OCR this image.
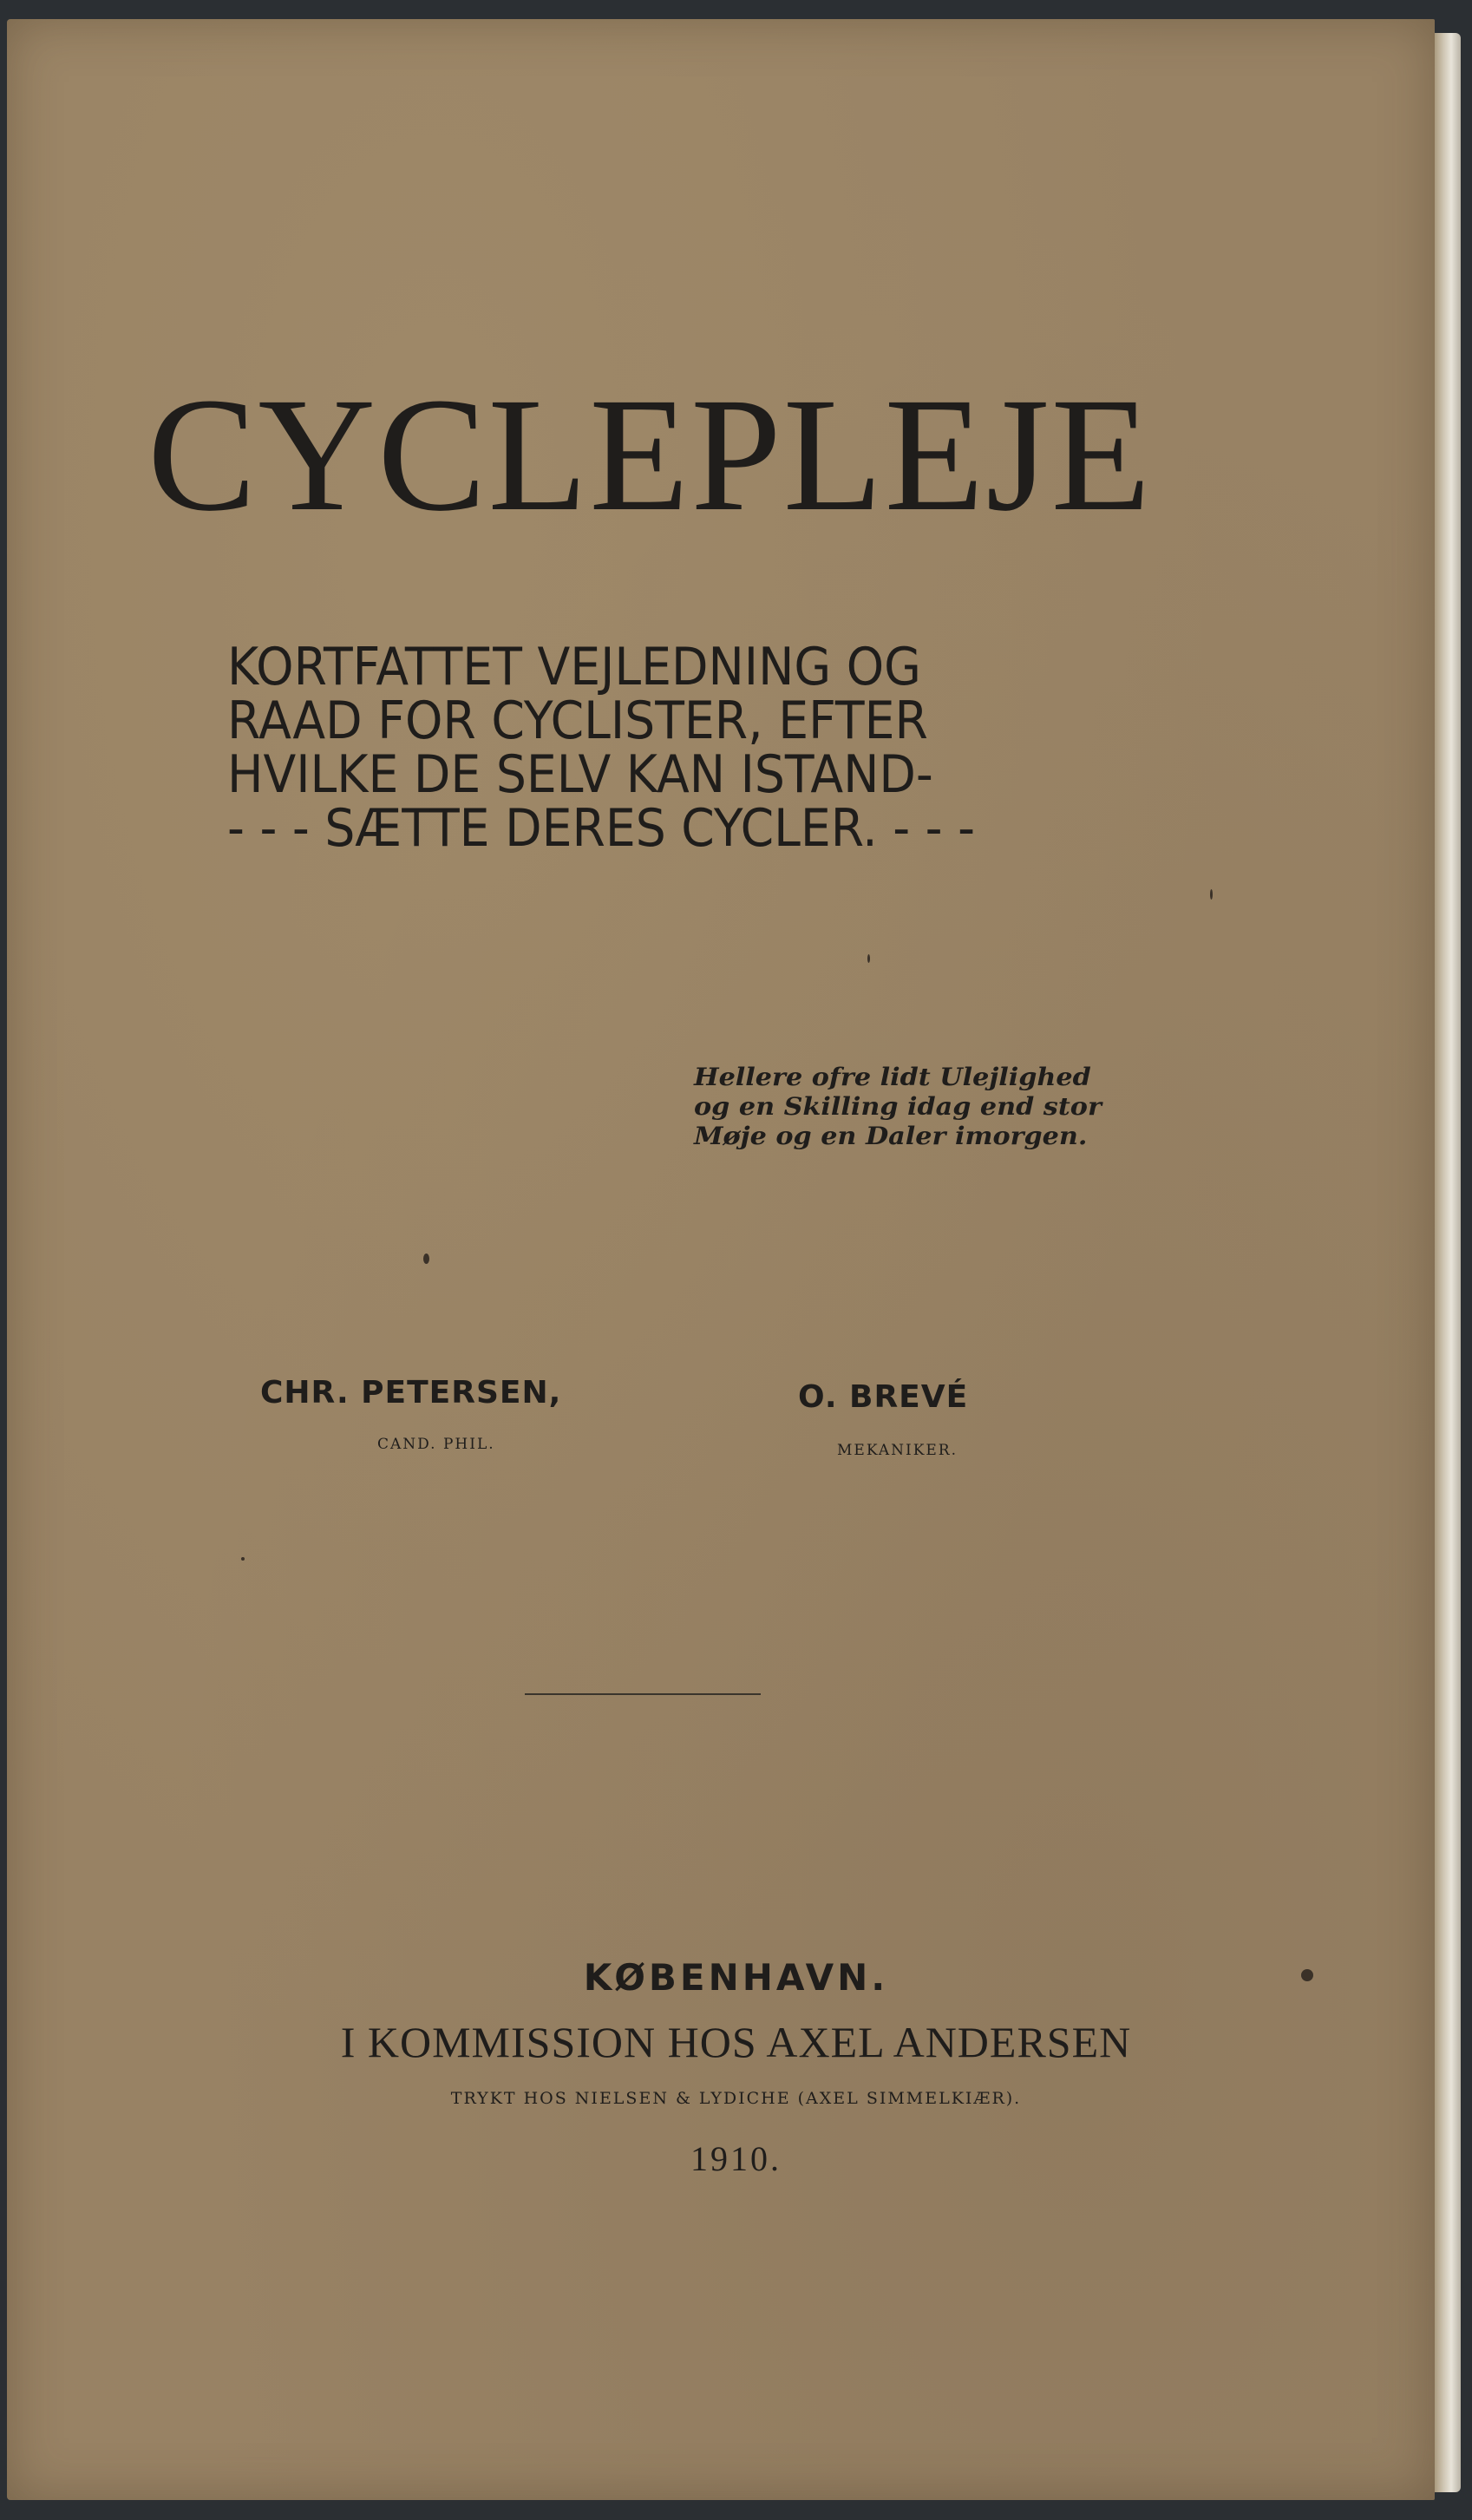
CYCLEPLEJE
KORTFATTET VEJLEDNING OG
RAAD FOR CYCLISTER, EFTER
HVILKE DE SELV KAN ISTAND-
- - - SÆTTE DERES CYCLER. - - -
Hellere ofre lidt Ulejlighed
og en Skilling idag end stor
Møje og en Daler imorgen.
CHR. PETERSEN,
CAND. PHIL.
O. BREVÉ
MEKANIKER.
KØBENHAVN.
I KOMMISSION HOS AXEL ANDERSEN
TRYKT HOS NIELSEN & LYDICHE (AXEL SIMMELKIÆR).
1910.
